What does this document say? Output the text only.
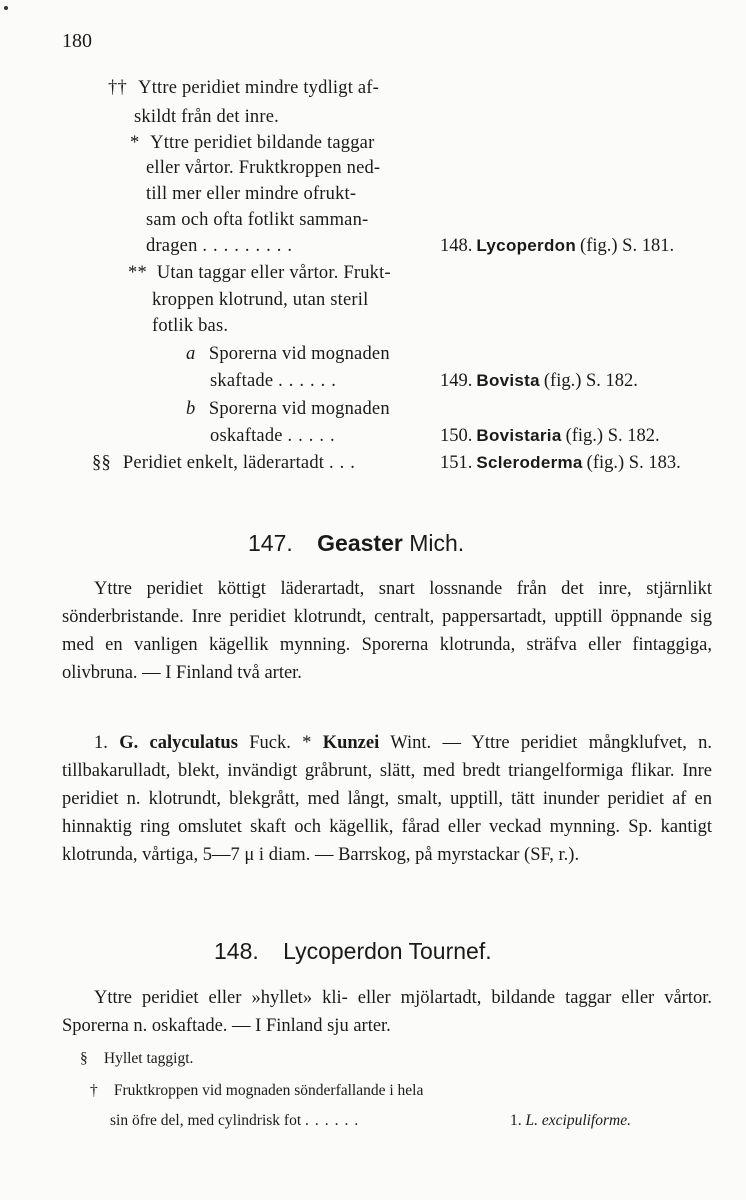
180
†† Yttre peridiet mindre tydligt af-
skildt från det inre.
* Yttre peridiet bildande taggar
eller vårtor. Fruktkroppen ned-
till mer eller mindre ofrukt-
sam och ofta fotlikt samman-
dragen .........	148. Lycoperdon (fig.) S. 181.
** Utan taggar eller vårtor. Frukt-
kroppen klotrund, utan steril
fotlik bas.
a Sporerna vid mognaden
skaftade ......	149. Bovista (fig.) S. 182.
b Sporerna vid mognaden
oskaftade .....	150. Bovistaria (fig.) S. 182.
§§ Peridiet enkelt, läderartadt ...	151. Scleroderma (fig.) S. 183.
147. Geaster Mich.
Yttre peridiet köttigt läderartadt, snart lossnande från det inre, stjärnlikt sönderbristande. Inre peridiet klotrundt, centralt, pappersartadt, upptill öppnande sig med en vanligen kägellik mynning. Sporerna klotrunda, sträfva eller fintaggiga, olivbruna. — I Finland två arter.
1. G. calyculatus Fuck. * Kunzei Wint. — Yttre peridiet mångklufvet, n. tillbakarulladt, blekt, invändigt gråbrunt, slätt, med bredt triangelformiga flikar. Inre peridiet n. klotrundt, blekgrått, med långt, smalt, upptill, tätt inunder peridiet af en hinnaktig ring omslutet skaft och kägellik, fårad eller veckad mynning. Sp. kantigt klotrunda, vårtiga, 5—7 μ i diam. — Barrskog, på myrstackar (SF, r.).
148. Lycoperdon Tournef.
Yttre peridiet eller »hyllet» kli- eller mjölartadt, bildande taggar eller vårtor. Sporerna n. oskaftade. — I Finland sju arter.
§ Hyllet taggigt.
† Fruktkroppen vid mognaden sönderfallande i hela
sin öfre del, med cylindrisk fot ......	1. L. excipuliforme.
